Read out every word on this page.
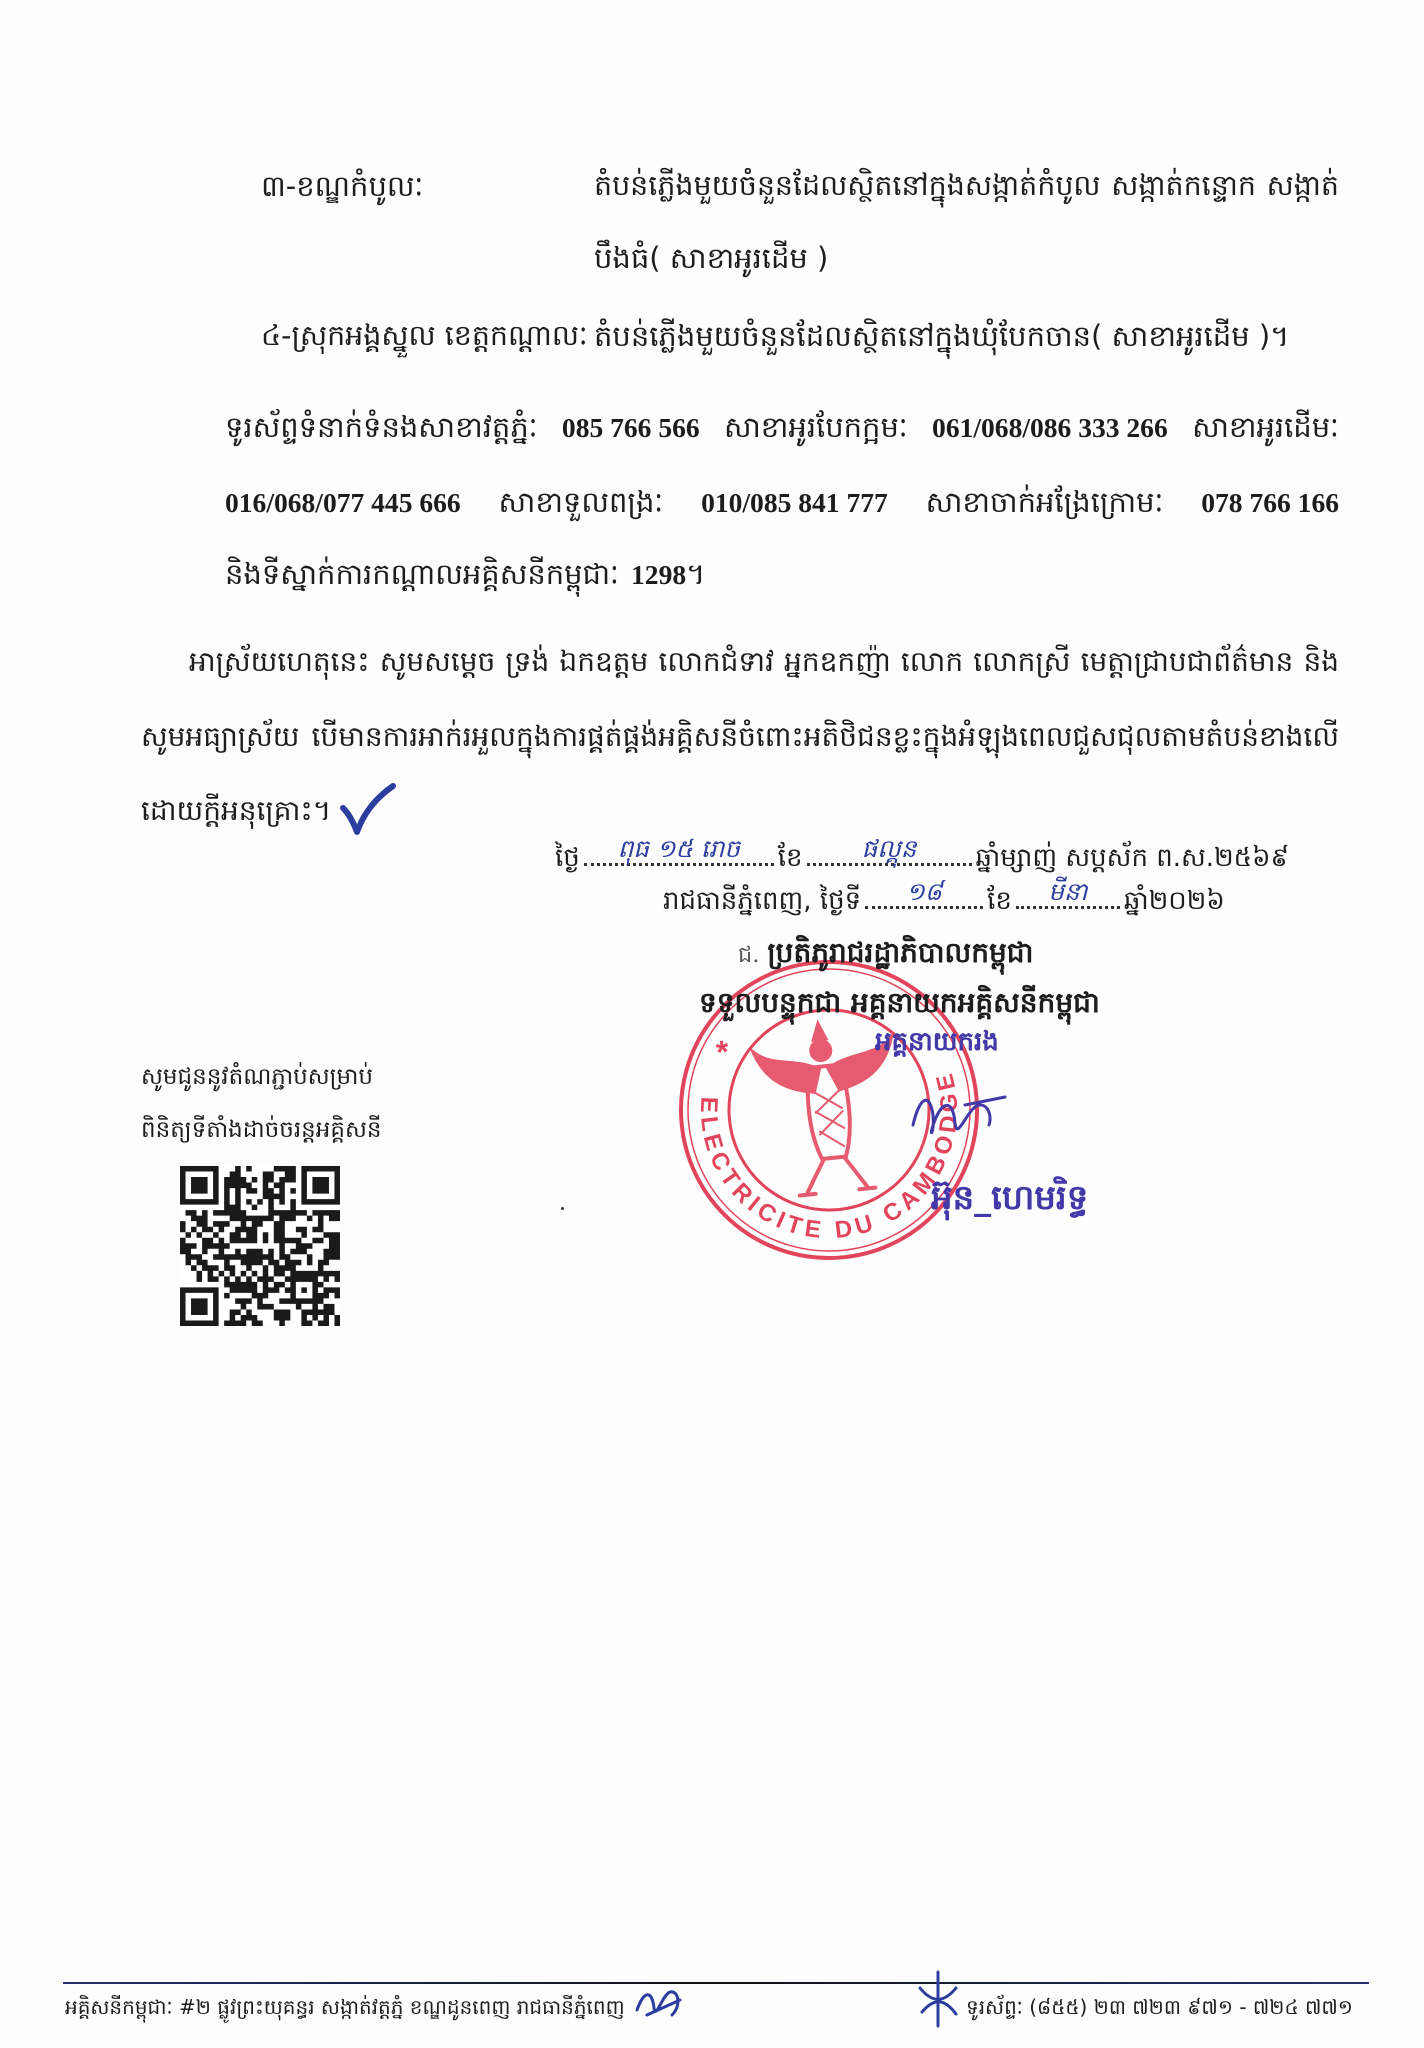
៣-ខណ្ឌកំបូលៈ	តំបន់ភ្លើងមួយចំនួនដែលស្ថិតនៅក្នុងសង្កាត់កំបូល សង្កាត់កន្ទោក សង្កាត់
បឹងធំ( សាខាអូរដើម )
៤-ស្រុកអង្គស្នួល ខេត្តកណ្ដាលៈ តំបន់ភ្លើងមួយចំនួនដែលស្ថិតនៅក្នុងឃុំបែកចាន( សាខាអូរដើម )។
ទូរស័ព្ទទំនាក់ទំនងសាខាវត្តភ្នំៈ 085 766 566 សាខាអូរបែកក្អមៈ 061/068/086 333 266 សាខាអូរដើមៈ
016/068/077 445 666 សាខាទួលពង្រៈ 010/085 841 777 សាខាចាក់អង្រែក្រោមៈ 078 766 166
និងទីស្នាក់ការកណ្ដាលអគ្គិសនីកម្ពុជាៈ 1298។
អាស្រ័យហេតុនេះ សូមសម្ដេច ទ្រង់ ឯកឧត្ដម លោកជំទាវ អ្នកឧកញ៉ា លោក លោកស្រី មេត្តាជ្រាបជាព័ត៌មាន និង
សូមអធ្យាស្រ័យ បើមានការអាក់រអួលក្នុងការផ្គត់ផ្គង់អគ្គិសនីចំពោះអតិថិជនខ្លះក្នុងអំឡុងពេលជួសជុលតាមតំបន់ខាងលើ
ដោយក្ដីអនុគ្រោះ។
ថ្ងៃ	ពុធ ១៥ រោច	ខែ	ផល្គុន	ឆ្នាំម្សាញ់ សប្តស័ក ព.ស.២៥៦៩
រាជធានីភ្នំពេញ, ថ្ងៃទី	១៨	ខែ	មីនា	ឆ្នាំ២០២៦
ELECTRICITE DU CAMBODGE
*
ជ. ប្រតិភូរាជរដ្ឋាភិបាលកម្ពុជា
ទទួលបន្ទុកជា អគ្គនាយកអគ្គិសនីកម្ពុជា
អគ្គនាយករង
អ៊ុន_ហេមរិទ្ធ
សូមជូននូវតំណភ្ជាប់សម្រាប់
ពិនិត្យទីតាំងដាច់ចរន្តអគ្គិសនី
អគ្គិសនីកម្ពុជាៈ #២ ផ្លូវព្រះយុគន្ធរ សង្កាត់វត្តភ្នំ ខណ្ឌដូនពេញ រាជធានីភ្នំពេញ	ទូរស័ព្ទៈ (៨៥៥) ២៣ ៧២៣ ៩៧១ - ៧២៤ ៧៧១
